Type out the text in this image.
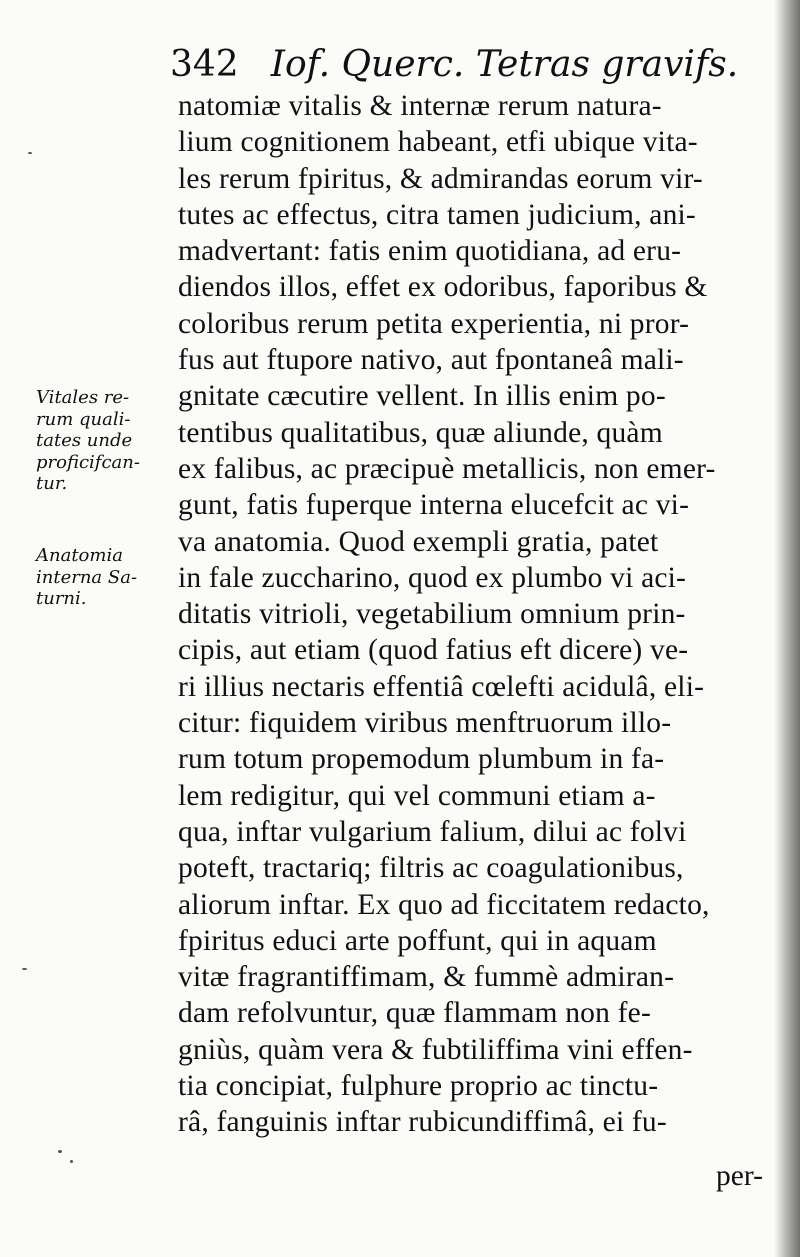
342 Iof. Querc. Tetras gravifs.
natomiæ vitalis & internæ rerum natura-
lium cognitionem habeant, etfi ubique vita-
les rerum fpiritus, & admirandas eorum vir-
tutes ac effectus, citra tamen judicium, ani-
madvertant: fatis enim quotidiana, ad eru-
diendos illos, effet ex odoribus, faporibus &
coloribus rerum petita experientia, ni pror-
fus aut ftupore nativo, aut fpontaneâ mali-
gnitate cæcutire vellent. In illis enim po-
tentibus qualitatibus, quæ aliunde, quàm
ex falibus, ac præcipuè metallicis, non emer-
gunt, fatis fuperque interna elucefcit ac vi-
va anatomia. Quod exempli gratia, patet
in fale zuccharino, quod ex plumbo vi aci-
ditatis vitrioli, vegetabilium omnium prin-
cipis, aut etiam (quod fatius eft dicere) ve-
ri illius nectaris effentiâ cœlefti acidulâ, eli-
citur: fiquidem viribus menftruorum illo-
rum totum propemodum plumbum in fa-
lem redigitur, qui vel communi etiam a-
qua, inftar vulgarium falium, dilui ac folvi
poteft, tractariq; filtris ac coagulationibus,
aliorum inftar. Ex quo ad ficcitatem redacto,
fpiritus educi arte poffunt, qui in aquam
vitæ fragrantiffimam, & fummè admiran-
dam refolvuntur, quæ flammam non fe-
gniùs, quàm vera & fubtiliffima vini effen-
tia concipiat, fulphure proprio ac tinctu-
râ, fanguinis inftar rubicundiffimâ, ei fu-
per-
Vitales re-
rum quali-
tates unde
proficifcan-
tur.
Anatomia
interna Sa-
turni.
